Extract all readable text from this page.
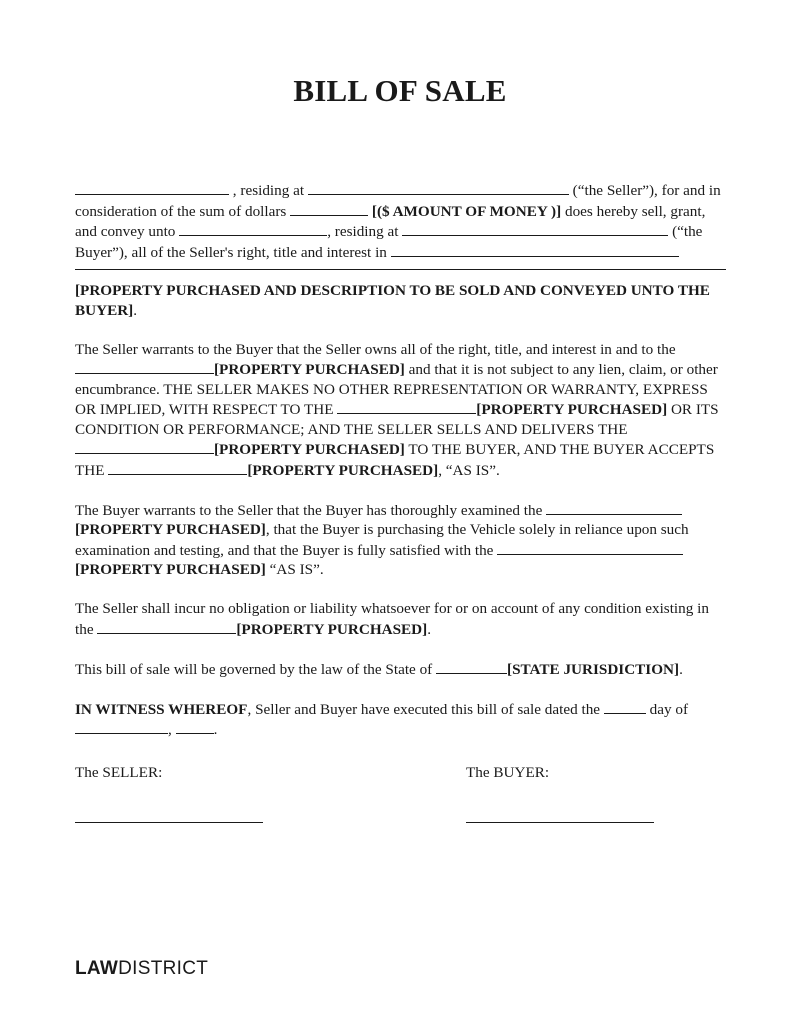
BILL OF SALE

, residing at	(“the Seller”), for and in consideration of the sum of dollars	[($ AMOUNT OF MONEY )] does hereby sell, grant, and convey unto	, residing at	(“the Buyer”), all of the Seller's right, title and interest in

[PROPERTY PURCHASED AND DESCRIPTION TO BE SOLD AND CONVEYED UNTO THE BUYER].

The Seller warrants to the Buyer that the Seller owns all of the right, title, and interest in and to the [PROPERTY PURCHASED] and that it is not subject to any lien, claim, or other encumbrance. THE SELLER MAKES NO OTHER REPRESENTATION OR WARRANTY, EXPRESS OR IMPLIED, WITH RESPECT TO THE	[PROPERTY PURCHASED] OR ITS CONDITION OR PERFORMANCE; AND THE SELLER SELLS AND DELIVERS THE [PROPERTY PURCHASED] TO THE BUYER, AND THE BUYER ACCEPTS THE	[PROPERTY PURCHASED], “AS IS”.

The Buyer warrants to the Seller that the Buyer has thoroughly examined the  [PROPERTY PURCHASED], that the Buyer is purchasing the Vehicle solely in reliance upon such examination and testing, and that the Buyer is fully satisfied with the  [PROPERTY PURCHASED] “AS IS”.

The Seller shall incur no obligation or liability whatsoever for or on account of any condition existing in the	[PROPERTY PURCHASED].

This bill of sale will be governed by the law of the State of	[STATE JURISDICTION].

IN WITNESS WHEREOF, Seller and Buyer have executed this bill of sale dated the	day of ,	.

The SELLER:	The BUYER:
LAWDISTRICT
